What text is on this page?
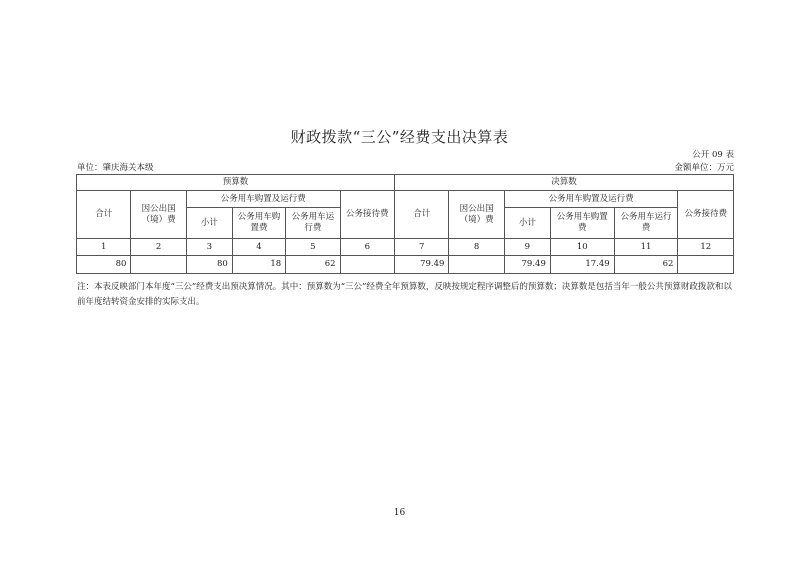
财政拨款“三公”经费支出决算表
公开 09 表
单位：肇庆海关本级	金额单位：万元
预算数						决算数					
合计	因公出国（境）费	公务用车购置及运行费			公务接待费	合计	因公出国（境）费	公务用车购置及运行费			公务接待费
		小计	公务用车购置费	公务用车运行费				小计	公务用车购置费	公务用车运行费	
1	2	3	4	5	6	7	8	9	10	11	12
80		80	18	62		79.49		79.49	17.49	62	
注：本表反映部门本年度“三公”经费支出预决算情况。其中：预算数为“三公”经费全年预算数，反映按规定程序调整后的预算数；决算数是包括当年一般公共预算财政拨款和以前年度结转资金安排的实际支出。
16
